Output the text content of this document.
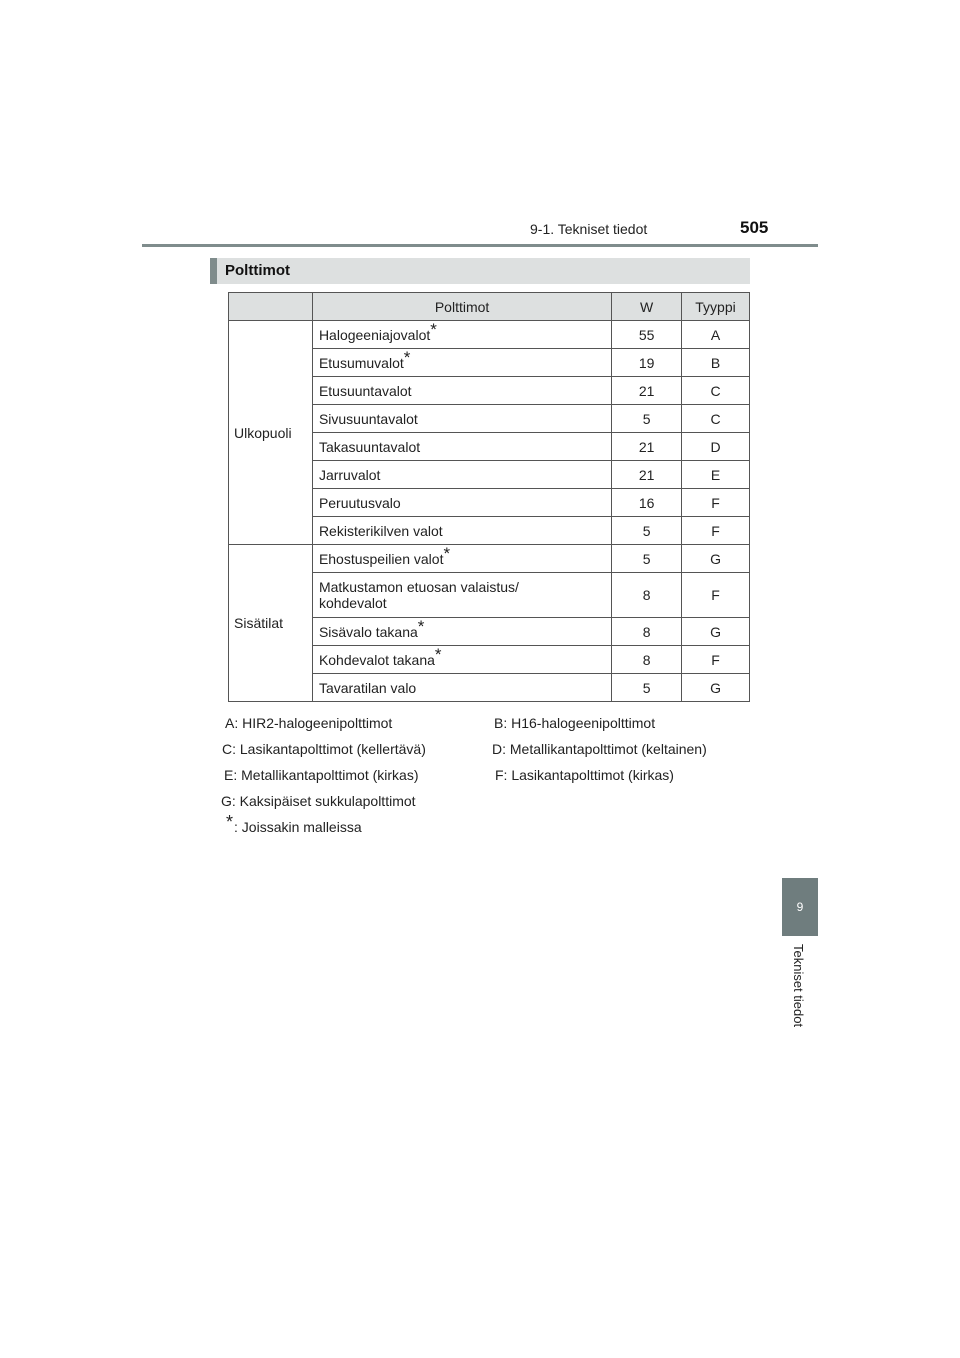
9-1. Tekniset tiedot	505
9
Tekniset tiedot
Polttimot
	Polttimot	W	Tyyppi
Ulkopuoli	Halogeeniajovalot*	55	A
	Etusumuvalot*	19	B
	Etusuuntavalot	21	C
	Sivusuuntavalot	5	C
	Takasuuntavalot	21	D
	Jarruvalot	21	E
	Peruutusvalo	16	F
	Rekisterikilven valot	5	F
Sisätilat	Ehostuspeilien valot*	5	G
	Matkustamon etuosan valaistus/
kohdevalot	8	F
	Sisävalo takana*	8	G
	Kohdevalot takana*	8	F
	Tavaratilan valo	5	G
A: HIR2-halogeenipolttimot	B: H16-halogeenipolttimot
C: Lasikantapolttimot (kellertävä)	D: Metallikantapolttimot (keltainen)
E: Metallikantapolttimot (kirkas)	F: Lasikantapolttimot (kirkas)
G: Kaksipäiset sukkulapolttimot
*: Joissakin malleissa
